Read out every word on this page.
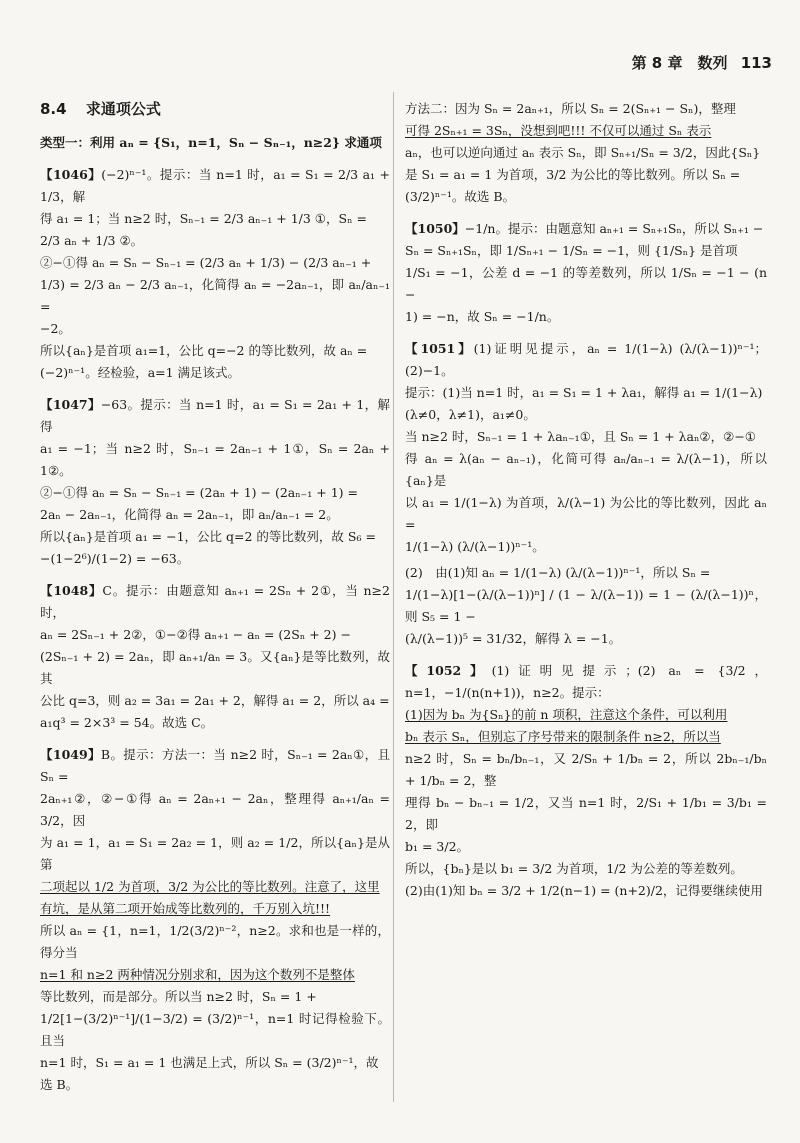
第 8 章　数列 113
8.4 求通项公式
类型一：利用 aₙ = {S₁，n=1，Sₙ − Sₙ₋₁，n≥2} 求通项

【1046】(−2)ⁿ⁻¹。提示：当 n=1 时，a₁ = S₁ = 2/3 a₁ + 1/3，解

得 a₁ = 1；当 n≥2 时，Sₙ₋₁ = 2/3 aₙ₋₁ + 1/3 ①，Sₙ =

2/3 aₙ + 1/3 ②。

②−①得 aₙ = Sₙ − Sₙ₋₁ = (2/3 aₙ + 1/3) − (2/3 aₙ₋₁ +

1/3) = 2/3 aₙ − 2/3 aₙ₋₁，化简得 aₙ = −2aₙ₋₁，即 aₙ/aₙ₋₁ =

−2。

所以{aₙ}是首项 a₁=1，公比 q=−2 的等比数列，故 aₙ =

(−2)ⁿ⁻¹。经检验，a=1 满足该式。

【1047】−63。提示：当 n=1 时，a₁ = S₁ = 2a₁ + 1，解得

a₁ = −1；当 n≥2 时，Sₙ₋₁ = 2aₙ₋₁ + 1①，Sₙ = 2aₙ + 1②。

②−①得 aₙ = Sₙ − Sₙ₋₁ = (2aₙ + 1) − (2aₙ₋₁ + 1) =

2aₙ − 2aₙ₋₁，化简得 aₙ = 2aₙ₋₁，即 aₙ/aₙ₋₁ = 2。

所以{aₙ}是首项 a₁ = −1，公比 q=2 的等比数列，故 S₆ =

−(1−2⁶)/(1−2) = −63。

【1048】C。提示：由题意知 aₙ₊₁ = 2Sₙ + 2①，当 n≥2 时，

aₙ = 2Sₙ₋₁ + 2②，①−②得 aₙ₊₁ − aₙ = (2Sₙ + 2) −

(2Sₙ₋₁ + 2) = 2aₙ，即 aₙ₊₁/aₙ = 3。又{aₙ}是等比数列，故其

公比 q=3，则 a₂ = 3a₁ = 2a₁ + 2，解得 a₁ = 2，所以 a₄ =

a₁q³ = 2×3³ = 54。故选 C。

【1049】B。提示：方法一：当 n≥2 时，Sₙ₋₁ = 2aₙ①，且 Sₙ =

2aₙ₊₁②，②−①得 aₙ = 2aₙ₊₁ − 2aₙ，整理得 aₙ₊₁/aₙ = 3/2，因

为 a₁ = 1，a₁ = S₁ = 2a₂ = 1，则 a₂ = 1/2，所以{aₙ}是从第

二项起以 1/2 为首项，3/2 为公比的等比数列。注意了，这里

有坑，是从第二项开始成等比数列的，千万别入坑!!!

所以 aₙ = {1，n=1，1/2(3/2)ⁿ⁻²，n≥2。求和也是一样的，得分当

n=1 和 n≥2 两种情况分别求和，因为这个数列不是整体

等比数列，而是部分。所以当 n≥2 时，Sₙ = 1 +

1/2[1−(3/2)ⁿ⁻¹]/(1−3/2) = (3/2)ⁿ⁻¹，n=1 时记得检验下。且当

n=1 时，S₁ = a₁ = 1 也满足上式，所以 Sₙ = (3/2)ⁿ⁻¹，故

选 B。

方法二：因为 Sₙ = 2aₙ₊₁，所以 Sₙ = 2(Sₙ₊₁ − Sₙ)，整理

可得 2Sₙ₊₁ = 3Sₙ，没想到吧!!! 不仅可以通过 Sₙ 表示

aₙ，也可以逆向通过 aₙ 表示 Sₙ，即 Sₙ₊₁/Sₙ = 3/2，因此{Sₙ}

是 S₁ = a₁ = 1 为首项，3/2 为公比的等比数列。所以 Sₙ =

(3/2)ⁿ⁻¹。故选 B。

【1050】−1/n。提示：由题意知 aₙ₊₁ = Sₙ₊₁Sₙ，所以 Sₙ₊₁ −

Sₙ = Sₙ₊₁Sₙ，即 1/Sₙ₊₁ − 1/Sₙ = −1，则 {1/Sₙ} 是首项

1/S₁ = −1，公差 d = −1 的等差数列，所以 1/Sₙ = −1 − (n −

1) = −n，故 Sₙ = −1/n。

【1051】(1)证明见提示，aₙ = 1/(1−λ) (λ/(λ−1))ⁿ⁻¹；(2)−1。

提示：(1)当 n=1 时，a₁ = S₁ = 1 + λa₁，解得 a₁ = 1/(1−λ)

(λ≠0，λ≠1)，a₁≠0。

当 n≥2 时，Sₙ₋₁ = 1 + λaₙ₋₁①，且 Sₙ = 1 + λaₙ②，②−①

得 aₙ = λ(aₙ − aₙ₋₁)，化简可得 aₙ/aₙ₋₁ = λ/(λ−1)，所以{aₙ}是

以 a₁ = 1/(1−λ) 为首项，λ/(λ−1) 为公比的等比数列，因此 aₙ =

1/(1−λ) (λ/(λ−1))ⁿ⁻¹。

(2)　由(1)知 aₙ = 1/(1−λ) (λ/(λ−1))ⁿ⁻¹，所以 Sₙ =

1/(1−λ)[1−(λ/(λ−1))ⁿ] / (1 − λ/(λ−1)) = 1 − (λ/(λ−1))ⁿ，则 S₅ = 1 −

(λ/(λ−1))⁵ = 31/32，解得 λ = −1。

【1052】(1)证明见提示；(2) aₙ = {3/2，n=1，−1/(n(n+1))，n≥2。提示：

(1)因为 bₙ 为{Sₙ}的前 n 项积，注意这个条件，可以利用

bₙ 表示 Sₙ，但别忘了序号带来的限制条件 n≥2，所以当

n≥2 时，Sₙ = bₙ/bₙ₋₁，又 2/Sₙ + 1/bₙ = 2，所以 2bₙ₋₁/bₙ + 1/bₙ = 2，整

理得 bₙ − bₙ₋₁ = 1/2，又当 n=1 时，2/S₁ + 1/b₁ = 3/b₁ = 2，即

b₁ = 3/2。

所以，{bₙ}是以 b₁ = 3/2 为首项，1/2 为公差的等差数列。

(2)由(1)知 bₙ = 3/2 + 1/2(n−1) = (n+2)/2，记得要继续使用
